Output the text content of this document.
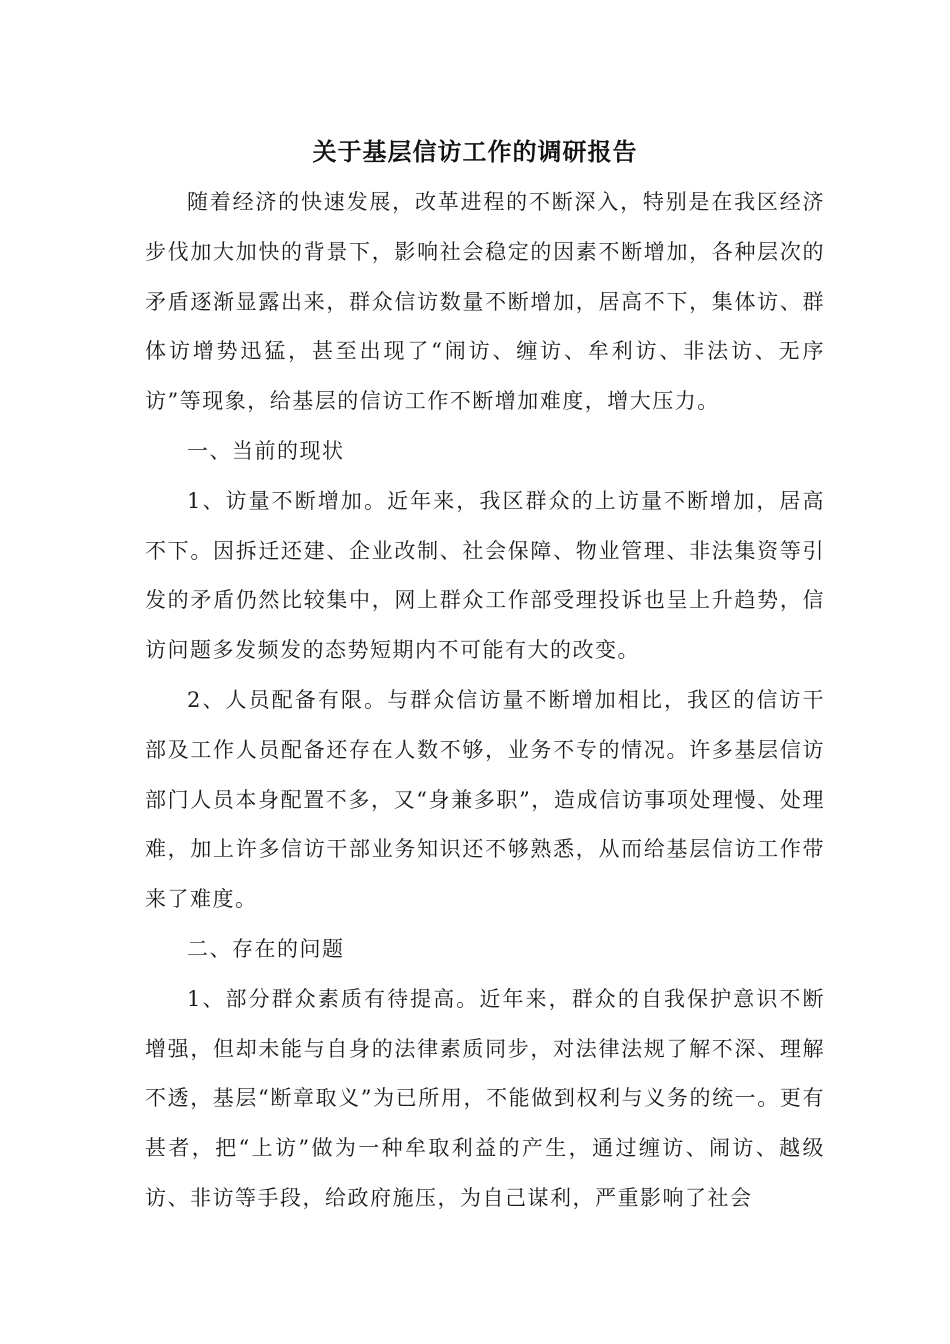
关于基层信访工作的调研报告

随着经济的快速发展，改革进程的不断深入，特别是在我区经济步伐加大加快的背景下，影响社会稳定的因素不断增加，各种层次的矛盾逐渐显露出来，群众信访数量不断增加，居高不下，集体访、群体访增势迅猛，甚至出现了“闹访、缠访、牟利访、非法访、无序访”等现象，给基层的信访工作不断增加难度，增大压力。

一、当前的现状

1、访量不断增加。近年来，我区群众的上访量不断增加，居高不下。因拆迁还建、企业改制、社会保障、物业管理、非法集资等引发的矛盾仍然比较集中，网上群众工作部受理投诉也呈上升趋势，信访问题多发频发的态势短期内不可能有大的改变。

2、人员配备有限。与群众信访量不断增加相比，我区的信访干部及工作人员配备还存在人数不够，业务不专的情况。许多基层信访部门人员本身配置不多，又“身兼多职”，造成信访事项处理慢、处理难，加上许多信访干部业务知识还不够熟悉，从而给基层信访工作带来了难度。

二、存在的问题

1、部分群众素质有待提高。近年来，群众的自我保护意识不断增强，但却未能与自身的法律素质同步，对法律法规了解不深、理解不透，基层“断章取义”为已所用，不能做到权利与义务的统一。更有甚者，把“上访”做为一种牟取利益的产生，通过缠访、闹访、越级访、非访等手段，给政府施压，为自己谋利，严重影响了社会
